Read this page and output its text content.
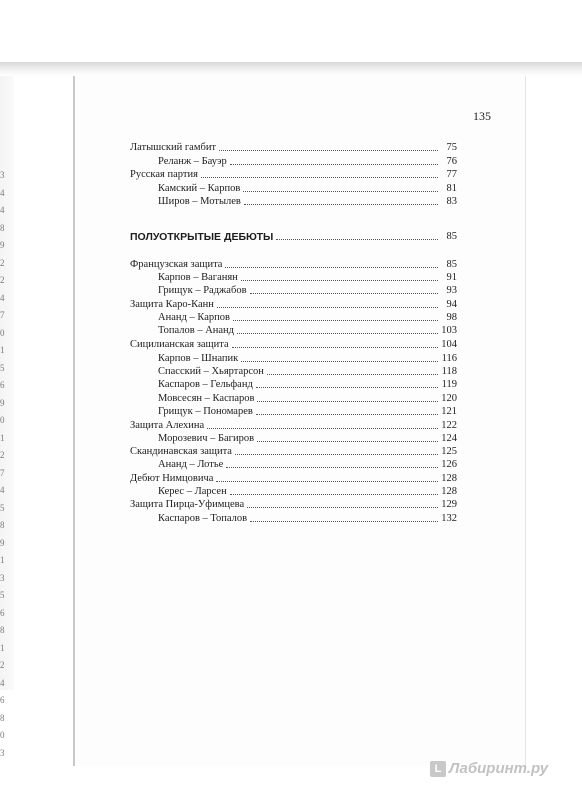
3
4
4
8
9
2
2
4
7
0
1
5
6
9
0
1
2
7
4
5
8
9
1
3
5
6
8
1
2
4
6
8
0
3
135
Латышский гамбит	75
Реланж – Бауэр	76
Русская партия	77
Камский – Карпов	81
Широв – Мотылев	83
ПОЛУОТКРЫТЫЕ ДЕБЮТЫ	85
Французская защита	85
Карпов – Ваганян	91
Грищук – Раджабов	93
Защита Каро-Канн	94
Ананд – Карпов	98
Топалов – Ананд	103
Сицилианская защита	104
Карпов – Шнапик	116
Спасский – Хьяртарсон	118
Каспаров – Гельфанд	119
Мовсесян – Каспаров	120
Грищук – Пономарев	121
Защита Алехина	122
Морозевич – Багиров	124
Скандинавская защита	125
Ананд – Лотье	126
Дебют Нимцовича	128
Керес – Ларсен	128
Защита Пирца-Уфимцева	129
Каспаров – Топалов	132
L Лабиринт.ру
